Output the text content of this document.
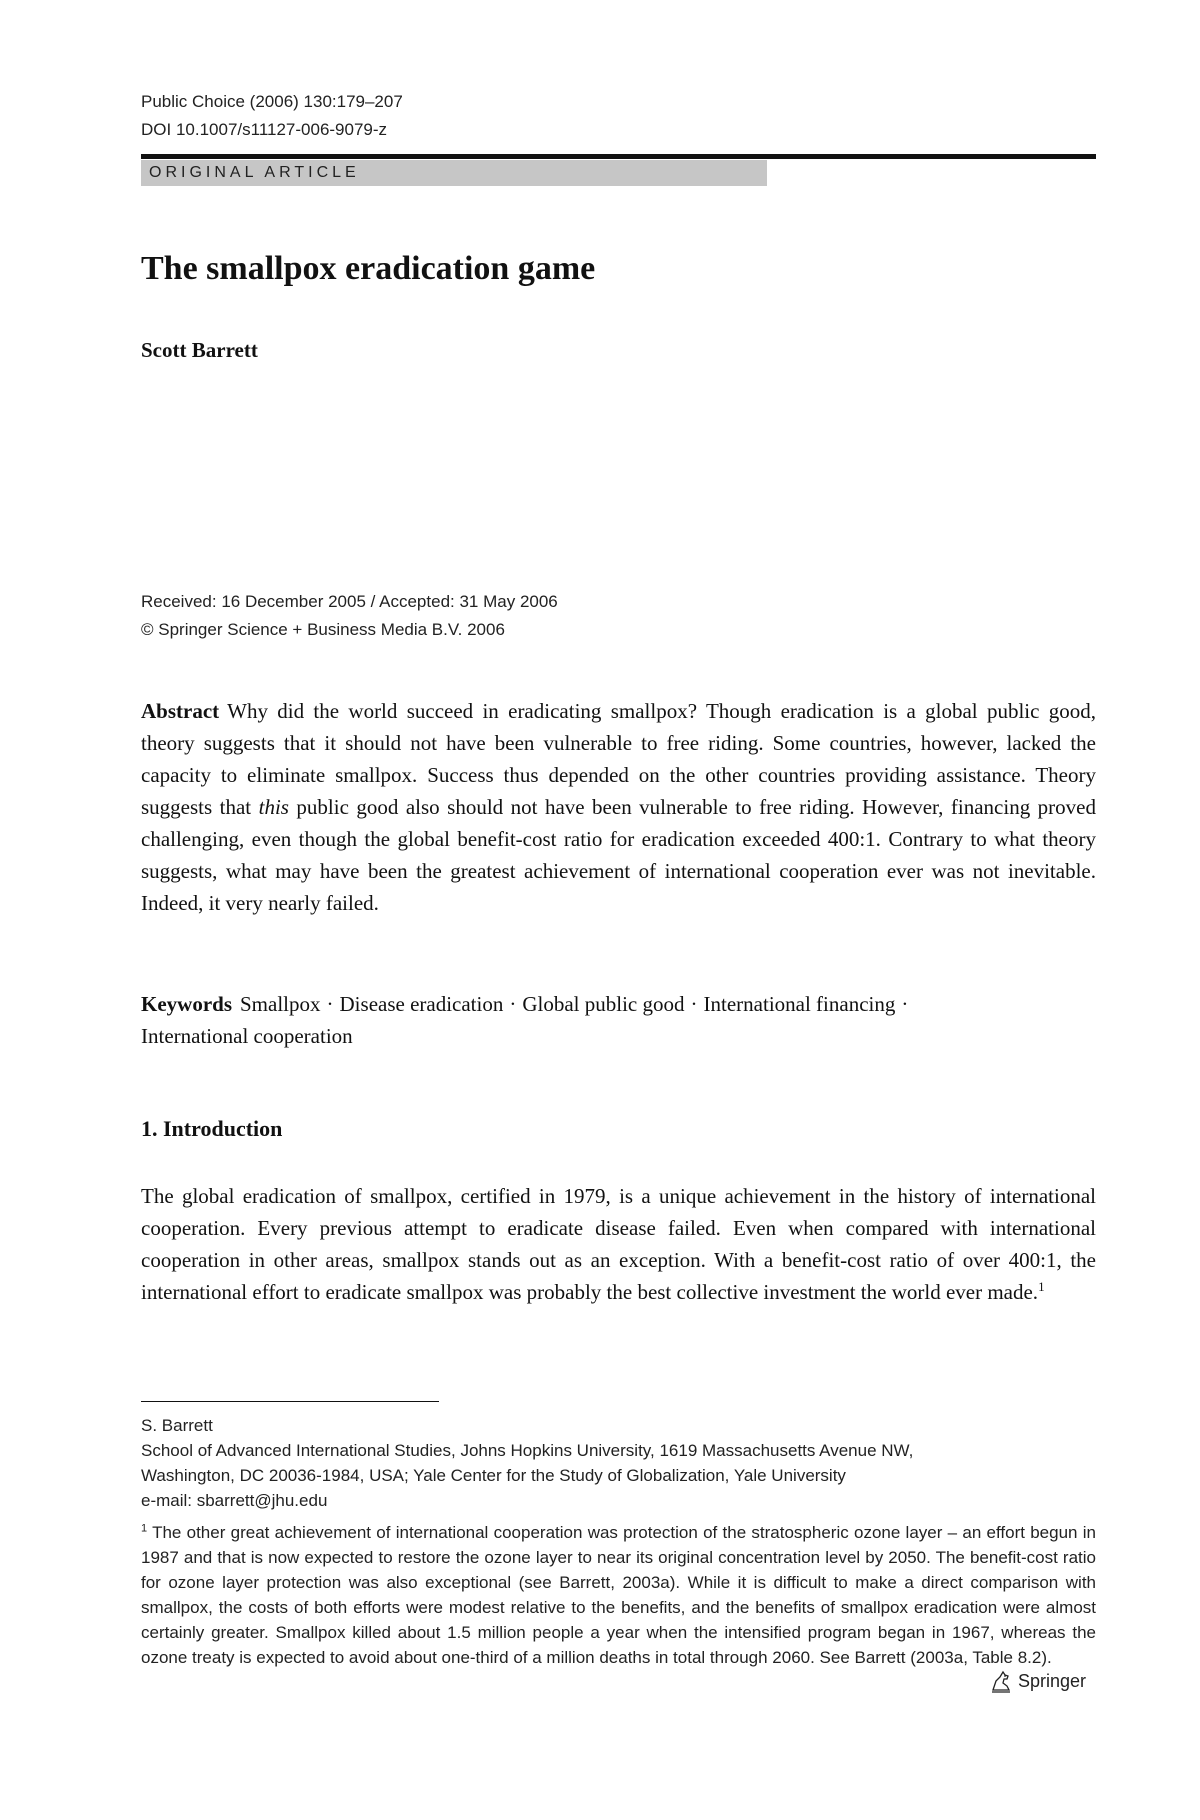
Public Choice (2006) 130:179–207
DOI 10.1007/s11127-006-9079-z
ORIGINAL ARTICLE
The smallpox eradication game
Scott Barrett
Received: 16 December 2005 / Accepted: 31 May 2006
© Springer Science + Business Media B.V. 2006

Abstract Why did the world succeed in eradicating smallpox? Though eradication is a global public good, theory suggests that it should not have been vulnerable to free riding. Some countries, however, lacked the capacity to eliminate smallpox. Success thus depended on the other countries providing assistance. Theory suggests that this public good also should not have been vulnerable to free riding. However, financing proved challenging, even though the global benefit-cost ratio for eradication exceeded 400:1. Contrary to what theory suggests, what may have been the greatest achievement of international cooperation ever was not inevitable. Indeed, it very nearly failed.

Keywords Smallpox · Disease eradication · Global public good · International financing ·
International cooperation

1. Introduction

The global eradication of smallpox, certified in 1979, is a unique achievement in the history of international cooperation. Every previous attempt to eradicate disease failed. Even when compared with international cooperation in other areas, smallpox stands out as an exception. With a benefit-cost ratio of over 400:1, the international effort to eradicate smallpox was probably the best collective investment the world ever made.$^1$

S. Barrett
School of Advanced International Studies, Johns Hopkins University, 1619 Massachusetts Avenue NW,
Washington, DC 20036-1984, USA; Yale Center for the Study of Globalization, Yale University
e-mail: sbarrett@jhu.edu

$^1$ The other great achievement of international cooperation was protection of the stratospheric ozone layer – an effort begun in 1987 and that is now expected to restore the ozone layer to near its original concentration level by 2050. The benefit-cost ratio for ozone layer protection was also exceptional (see Barrett, 2003a). While it is difficult to make a direct comparison with smallpox, the costs of both efforts were modest relative to the benefits, and the benefits of smallpox eradication were almost certainly greater. Smallpox killed about 1.5 million people a year when the intensified program began in 1967, whereas the ozone treaty is expected to avoid about one-third of a million deaths in total through 2060. See Barrett (2003a, Table 8.2).

Springer
